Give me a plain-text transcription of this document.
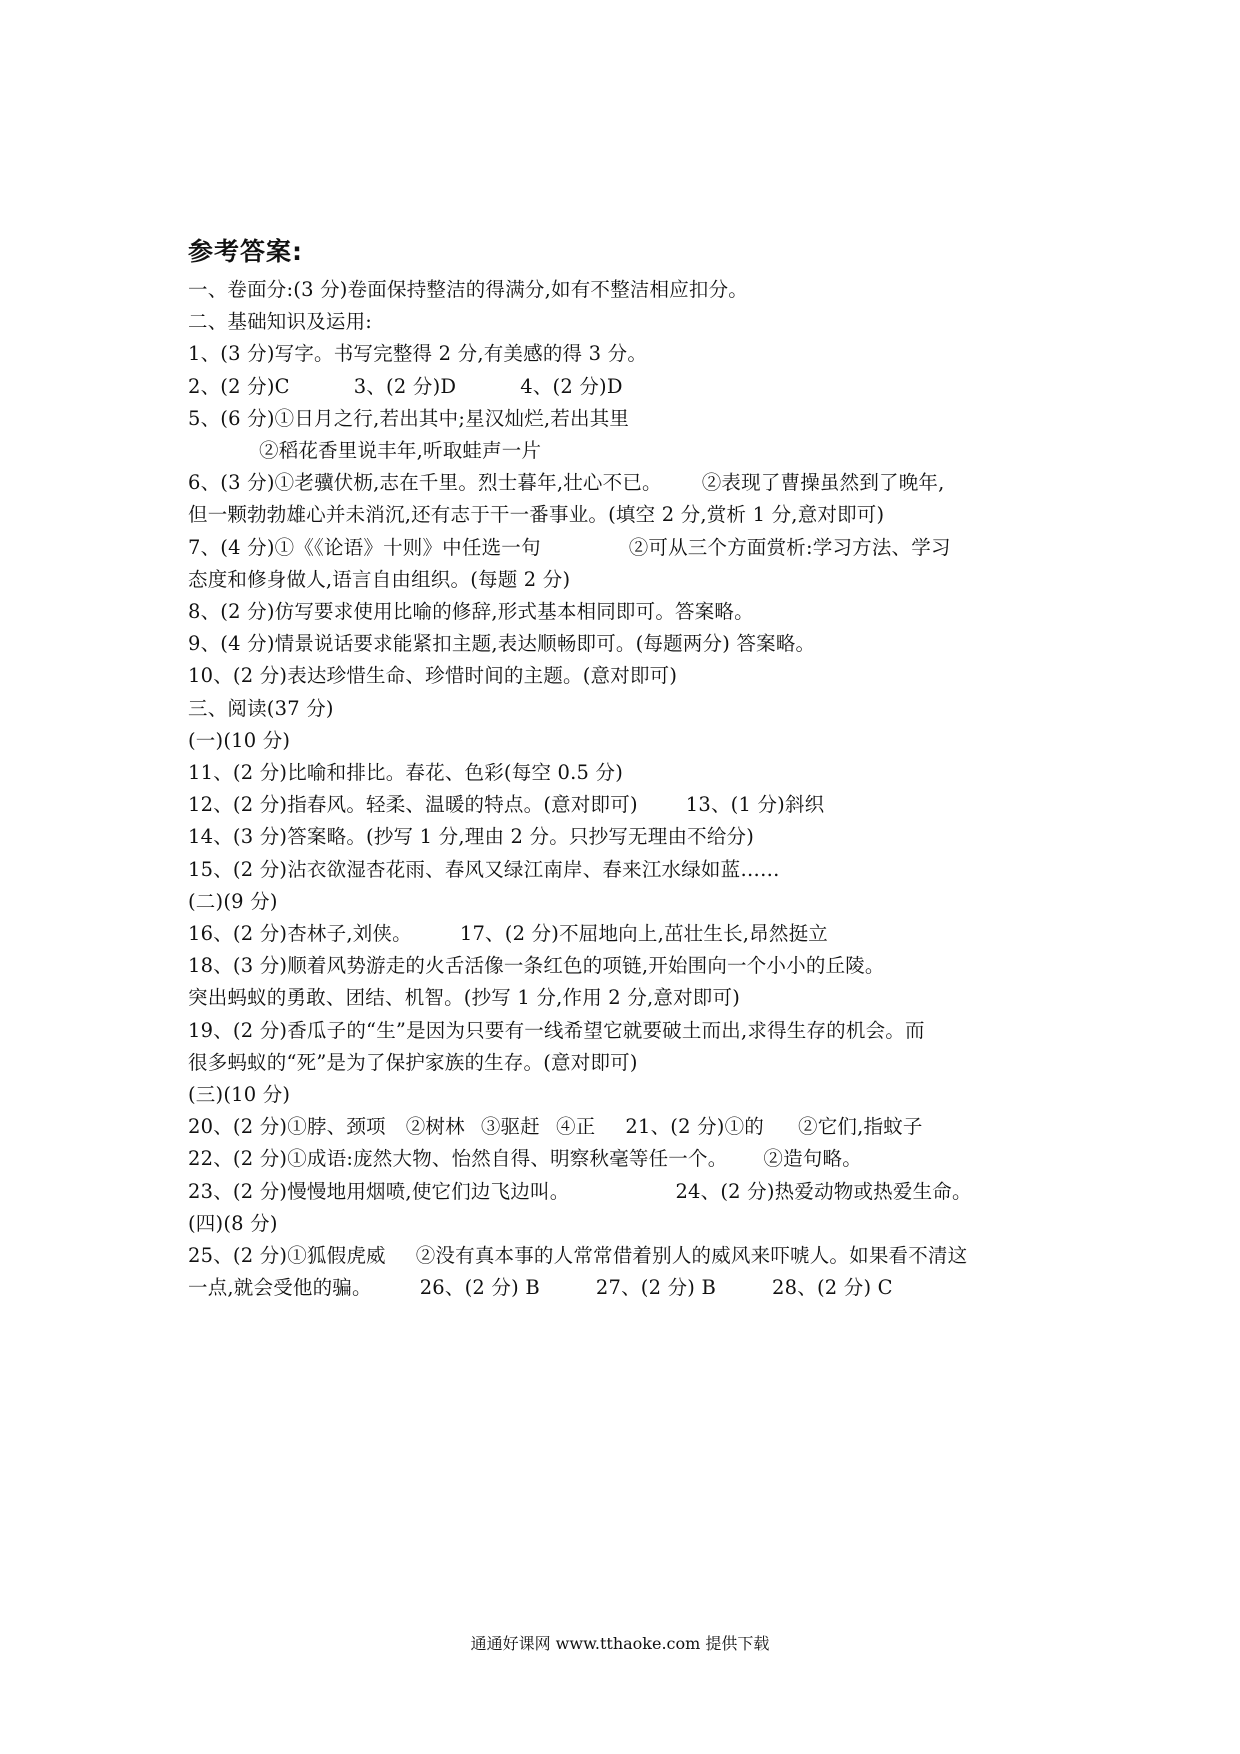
参考答案:
一、卷面分:(3 分)卷面保持整洁的得满分,如有不整洁相应扣分。
二、基础知识及运用:
1、(3 分)写字。书写完整得 2 分,有美感的得 3 分。
2、(2 分)C	3、(2 分)D	4、(2 分)D
5、(6 分)①日月之行,若出其中;星汉灿烂,若出其里
②稻花香里说丰年,听取蛙声一片
6、(3 分)①老骥伏枥,志在千里。烈士暮年,壮心不已。 ②表现了曹操虽然到了晚年,
但一颗勃勃雄心并未消沉,还有志于干一番事业。(填空 2 分,赏析 1 分,意对即可)
7、(4 分)①《《论语》十则》中任选一句	②可从三个方面赏析:学习方法、学习
态度和修身做人,语言自由组织。(每题 2 分)
8、(2 分)仿写要求使用比喻的修辞,形式基本相同即可。答案略。
9、(4 分)情景说话要求能紧扣主题,表达顺畅即可。(每题两分) 答案略。
10、(2 分)表达珍惜生命、珍惜时间的主题。(意对即可)
三、阅读(37 分)
(一)(10 分)
11、(2 分)比喻和排比。春花、色彩(每空 0.5 分)
12、(2 分)指春风。轻柔、温暖的特点。(意对即可) 13、(1 分)斜织
14、(3 分)答案略。(抄写 1 分,理由 2 分。只抄写无理由不给分)
15、(2 分)沾衣欲湿杏花雨、春风又绿江南岸、春来江水绿如蓝……
(二)(9 分)
16、(2 分)杏林子,刘侠。 17、(2 分)不屈地向上,茁壮生长,昂然挺立
18、(3 分)顺着风势游走的火舌活像一条红色的项链,开始围向一个小小的丘陵。
突出蚂蚁的勇敢、团结、机智。(抄写 1 分,作用 2 分,意对即可)
19、(2 分)香瓜子的“生”是因为只要有一线希望它就要破土而出,求得生存的机会。而
很多蚂蚁的“死”是为了保护家族的生存。(意对即可)
(三)(10 分)
20、(2 分)①脖、颈项 ②树林 ③驱赶 ④正 21、(2 分)①的 ②它们,指蚊子
22、(2 分)①成语:庞然大物、怡然自得、明察秋毫等任一个。 ②造句略。
23、(2 分)慢慢地用烟喷,使它们边飞边叫。	24、(2 分)热爱动物或热爱生命。
(四)(8 分)
25、(2 分)①狐假虎威 ②没有真本事的人常常借着别人的威风来吓唬人。如果看不清这
一点,就会受他的骗。 26、(2 分) B	27、(2 分) B	28、(2 分) C
通通好课网 www.tthaoke.com 提供下载
